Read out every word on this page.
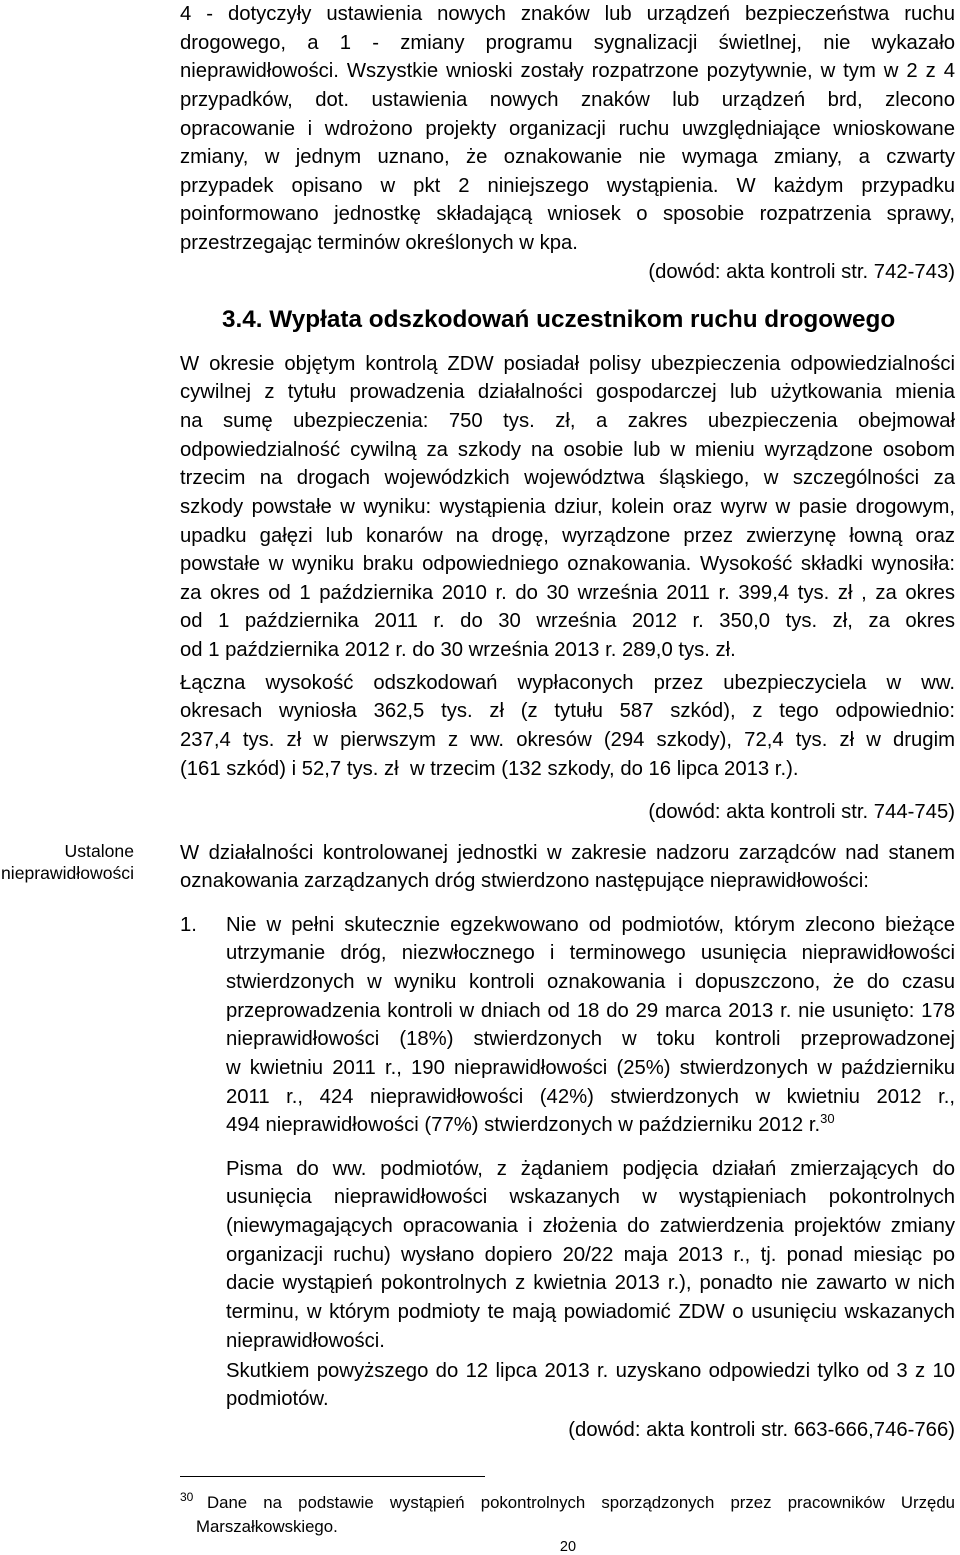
4 - dotyczyły ustawienia nowych znaków lub urządzeń bezpieczeństwa ruchu
drogowego, a 1 - zmiany programu sygnalizacji świetlnej, nie wykazało
nieprawidłowości. Wszystkie wnioski zostały rozpatrzone pozytywnie, w tym w 2 z 4
przypadków, dot. ustawienia nowych znaków lub urządzeń brd, zlecono
opracowanie i wdrożono projekty organizacji ruchu uwzględniające wnioskowane
zmiany, w jednym uznano, że oznakowanie nie wymaga zmiany, a czwarty
przypadek opisano w pkt 2 niniejszego wystąpienia. W każdym przypadku
poinformowano jednostkę składającą wniosek o sposobie rozpatrzenia sprawy,
przestrzegając terminów określonych w kpa.
(dowód: akta kontroli str. 742-743)
3.4. Wypłata odszkodowań uczestnikom ruchu drogowego
W okresie objętym kontrolą ZDW posiadał polisy ubezpieczenia odpowiedzialności
cywilnej z tytułu prowadzenia działalności gospodarczej lub użytkowania mienia
na sumę ubezpieczenia: 750 tys. zł, a zakres ubezpieczenia obejmował
odpowiedzialność cywilną za szkody na osobie lub w mieniu wyrządzone osobom
trzecim na drogach wojewódzkich województwa śląskiego, w szczególności za
szkody powstałe w wyniku: wystąpienia dziur, kolein oraz wyrw w pasie drogowym,
upadku gałęzi lub konarów na drogę, wyrządzone przez zwierzynę łowną oraz
powstałe w wyniku braku odpowiedniego oznakowania. Wysokość składki wynosiła:
za okres od 1 października 2010 r. do 30 września 2011 r. 399,4 tys. zł , za okres
od 1 października 2011 r. do 30 września 2012 r. 350,0 tys. zł, za okres
od 1 października 2012 r. do 30 września 2013 r. 289,0 tys. zł.
Łączna wysokość odszkodowań wypłaconych przez ubezpieczyciela w ww.
okresach wyniosła 362,5 tys. zł (z tytułu 587 szkód), z tego odpowiednio:
237,4 tys. zł w pierwszym z ww. okresów (294 szkody), 72,4 tys. zł w drugim
(161 szkód) i 52,7 tys. zł  w trzecim (132 szkody, do 16 lipca 2013 r.).
(dowód: akta kontroli str. 744-745)
Ustalone
nieprawidłowości
W działalności kontrolowanej jednostki w zakresie nadzoru zarządców nad stanem
oznakowania zarządzanych dróg stwierdzono następujące nieprawidłowości:
1.	Nie w pełni skutecznie egzekwowano od podmiotów, którym zlecono bieżące
utrzymanie dróg, niezwłocznego i terminowego usunięcia nieprawidłowości
stwierdzonych w wyniku kontroli oznakowania i dopuszczono, że do czasu
przeprowadzenia kontroli w dniach od 18 do 29 marca 2013 r. nie usunięto: 178
nieprawidłowości (18%) stwierdzonych w toku kontroli przeprowadzonej
w kwietniu 2011 r., 190 nieprawidłowości (25%) stwierdzonych w październiku
2011 r., 424 nieprawidłowości (42%) stwierdzonych w kwietniu 2012 r.,
494 nieprawidłowości (77%) stwierdzonych w październiku 2012 r.$^{30}$
Pisma do ww. podmiotów, z żądaniem podjęcia działań zmierzających do
usunięcia nieprawidłowości wskazanych w wystąpieniach pokontrolnych
(niewymagających opracowania i złożenia do zatwierdzenia projektów zmiany
organizacji ruchu) wysłano dopiero 20/22 maja 2013 r., tj. ponad miesiąc po
dacie wystąpień pokontrolnych z kwietnia 2013 r.), ponadto nie zawarto w nich
terminu, w którym podmioty te mają powiadomić ZDW o usunięciu wskazanych
nieprawidłowości.
Skutkiem powyższego do 12 lipca 2013 r. uzyskano odpowiedzi tylko od 3 z 10
podmiotów.
(dowód: akta kontroli str. 663-666,746-766)
30 Dane na podstawie wystąpień pokontrolnych sporządzonych przez pracowników Urzędu
Marszałkowskiego.
20
